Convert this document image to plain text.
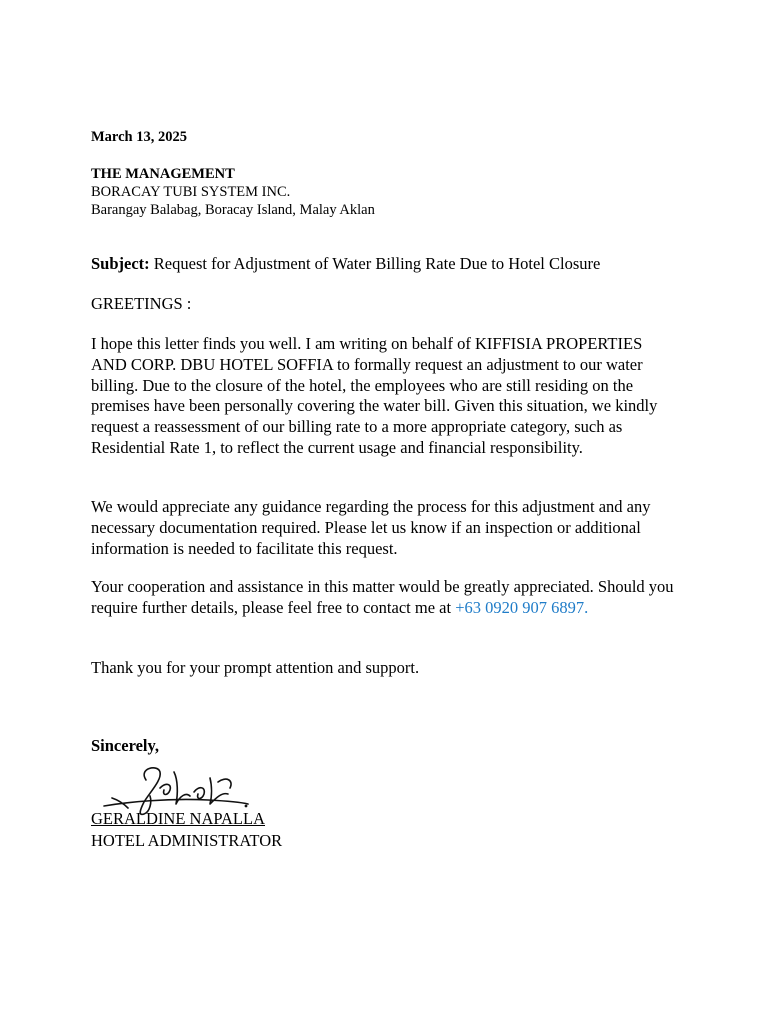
March 13, 2025
THE MANAGEMENT
BORACAY TUBI SYSTEM INC.
Barangay Balabag, Boracay Island, Malay Aklan
Subject: Request for Adjustment of Water Billing Rate Due to Hotel Closure
GREETINGS :
I hope this letter finds you well. I am writing on behalf of KIFFISIA PROPERTIES AND CORP. DBU HOTEL SOFFIA to formally request an adjustment to our water billing. Due to the closure of the hotel, the employees who are still residing on the premises have been personally covering the water bill. Given this situation, we kindly request a reassessment of our billing rate to a more appropriate category, such as Residential Rate 1, to reflect the current usage and financial responsibility.
We would appreciate any guidance regarding the process for this adjustment and any necessary documentation required. Please let us know if an inspection or additional information is needed to facilitate this request.
Your cooperation and assistance in this matter would be greatly appreciated. Should you require further details, please feel free to contact me at +63 0920 907 6897.
Thank you for your prompt attention and support.
Sincerely,
GERALDINE NAPALLA
HOTEL ADMINISTRATOR
